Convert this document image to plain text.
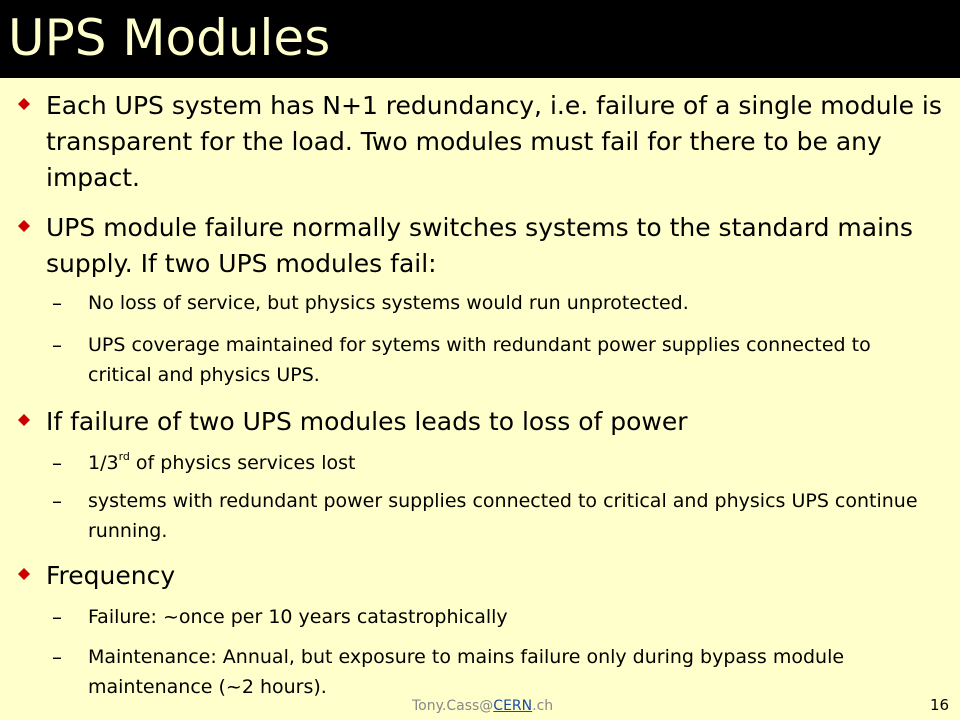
UPS Modules
Each UPS system has N+1 redundancy, i.e. failure of a single module is transparent for the load. Two modules must fail for there to be any impact.
UPS module failure normally switches systems to the standard mains supply. If two UPS modules fail:
– No loss of service, but physics systems would run unprotected.
– UPS coverage maintained for sytems with redundant power supplies connected to critical and physics UPS.
If failure of two UPS modules leads to loss of power
– 1/3rd of physics services lost
– systems with redundant power supplies connected to critical and physics UPS continue running.
Frequency
– Failure: ~once per 10 years catastrophically
– Maintenance: Annual, but exposure to mains failure only during bypass module maintenance (~2 hours).
Tony.Cass@CERN.ch	16
